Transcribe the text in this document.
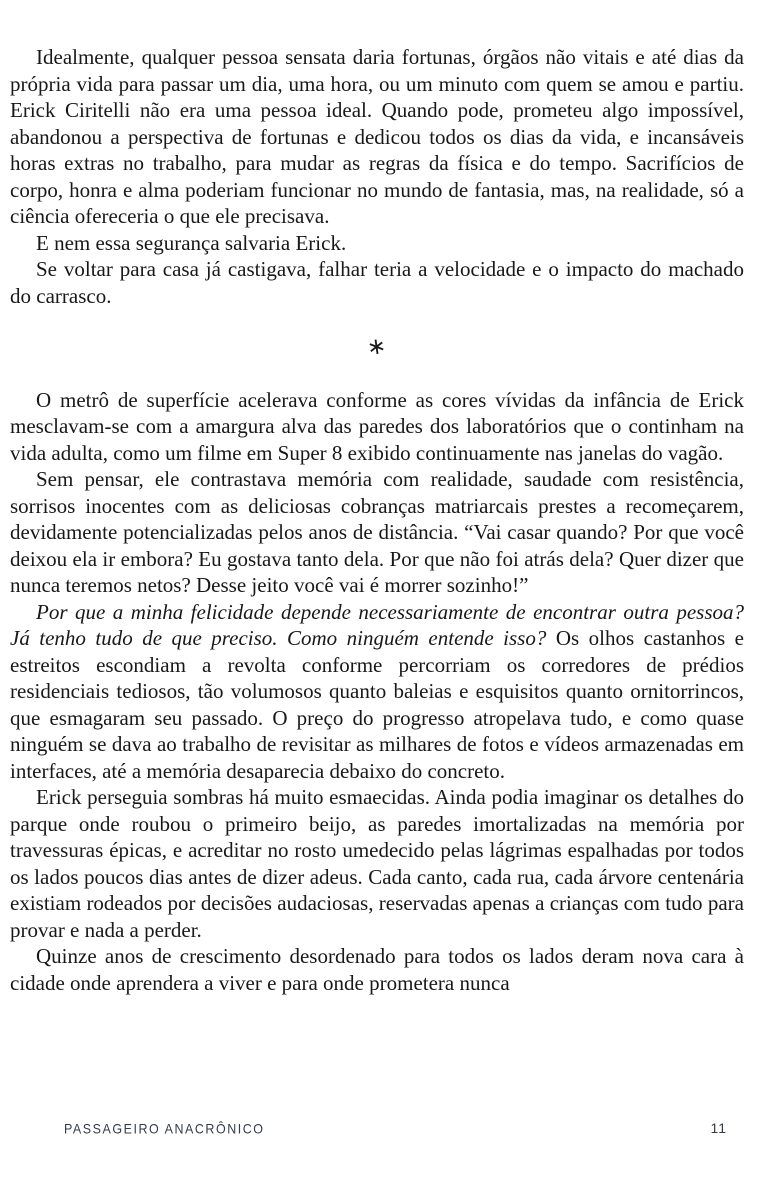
Idealmente, qualquer pessoa sensata daria fortunas, órgãos não vitais e até dias da própria vida para passar um dia, uma hora, ou um minuto com quem se amou e partiu. Erick Ciritelli não era uma pessoa ideal. Quando pode, prometeu algo impossível, abandonou a perspectiva de fortunas e dedicou todos os dias da vida, e incansáveis horas extras no trabalho, para mudar as regras da física e do tempo. Sacrifícios de corpo, honra e alma poderiam funcionar no mundo de fantasia, mas, na realidade, só a ciência ofereceria o que ele precisava.

E nem essa segurança salvaria Erick.

Se voltar para casa já castigava, falhar teria a velocidade e o impacto do machado do carrasco.

∗

O metrô de superfície acelerava conforme as cores vívidas da infância de Erick mesclavam-se com a amargura alva das paredes dos laboratórios que o continham na vida adulta, como um filme em Super 8 exibido continuamente nas janelas do vagão.

Sem pensar, ele contrastava memória com realidade, saudade com resistência, sorrisos inocentes com as deliciosas cobranças matriarcais prestes a recomeçarem, devidamente potencializadas pelos anos de distância. “Vai casar quando? Por que você deixou ela ir embora? Eu gostava tanto dela. Por que não foi atrás dela? Quer dizer que nunca teremos netos? Desse jeito você vai é morrer sozinho!”

Por que a minha felicidade depende necessariamente de encontrar outra pessoa? Já tenho tudo de que preciso. Como ninguém entende isso? Os olhos castanhos e estreitos escondiam a revolta conforme percorriam os corredores de prédios residenciais tediosos, tão volumosos quanto baleias e esquisitos quanto ornitorrincos, que esmagaram seu passado. O preço do progresso atropelava tudo, e como quase ninguém se dava ao trabalho de revisitar as milhares de fotos e vídeos armazenadas em interfaces, até a memória desaparecia debaixo do concreto.

Erick perseguia sombras há muito esmaecidas. Ainda podia imaginar os detalhes do parque onde roubou o primeiro beijo, as paredes imortalizadas na memória por travessuras épicas, e acreditar no rosto umedecido pelas lágrimas espalhadas por todos os lados poucos dias antes de dizer adeus. Cada canto, cada rua, cada árvore centenária existiam rodeados por decisões audaciosas, reservadas apenas a crianças com tudo para provar e nada a perder.

Quinze anos de crescimento desordenado para todos os lados deram nova cara à cidade onde aprendera a viver e para onde prometera nunca

PASSAGEIRO ANACRÔNICO	11
